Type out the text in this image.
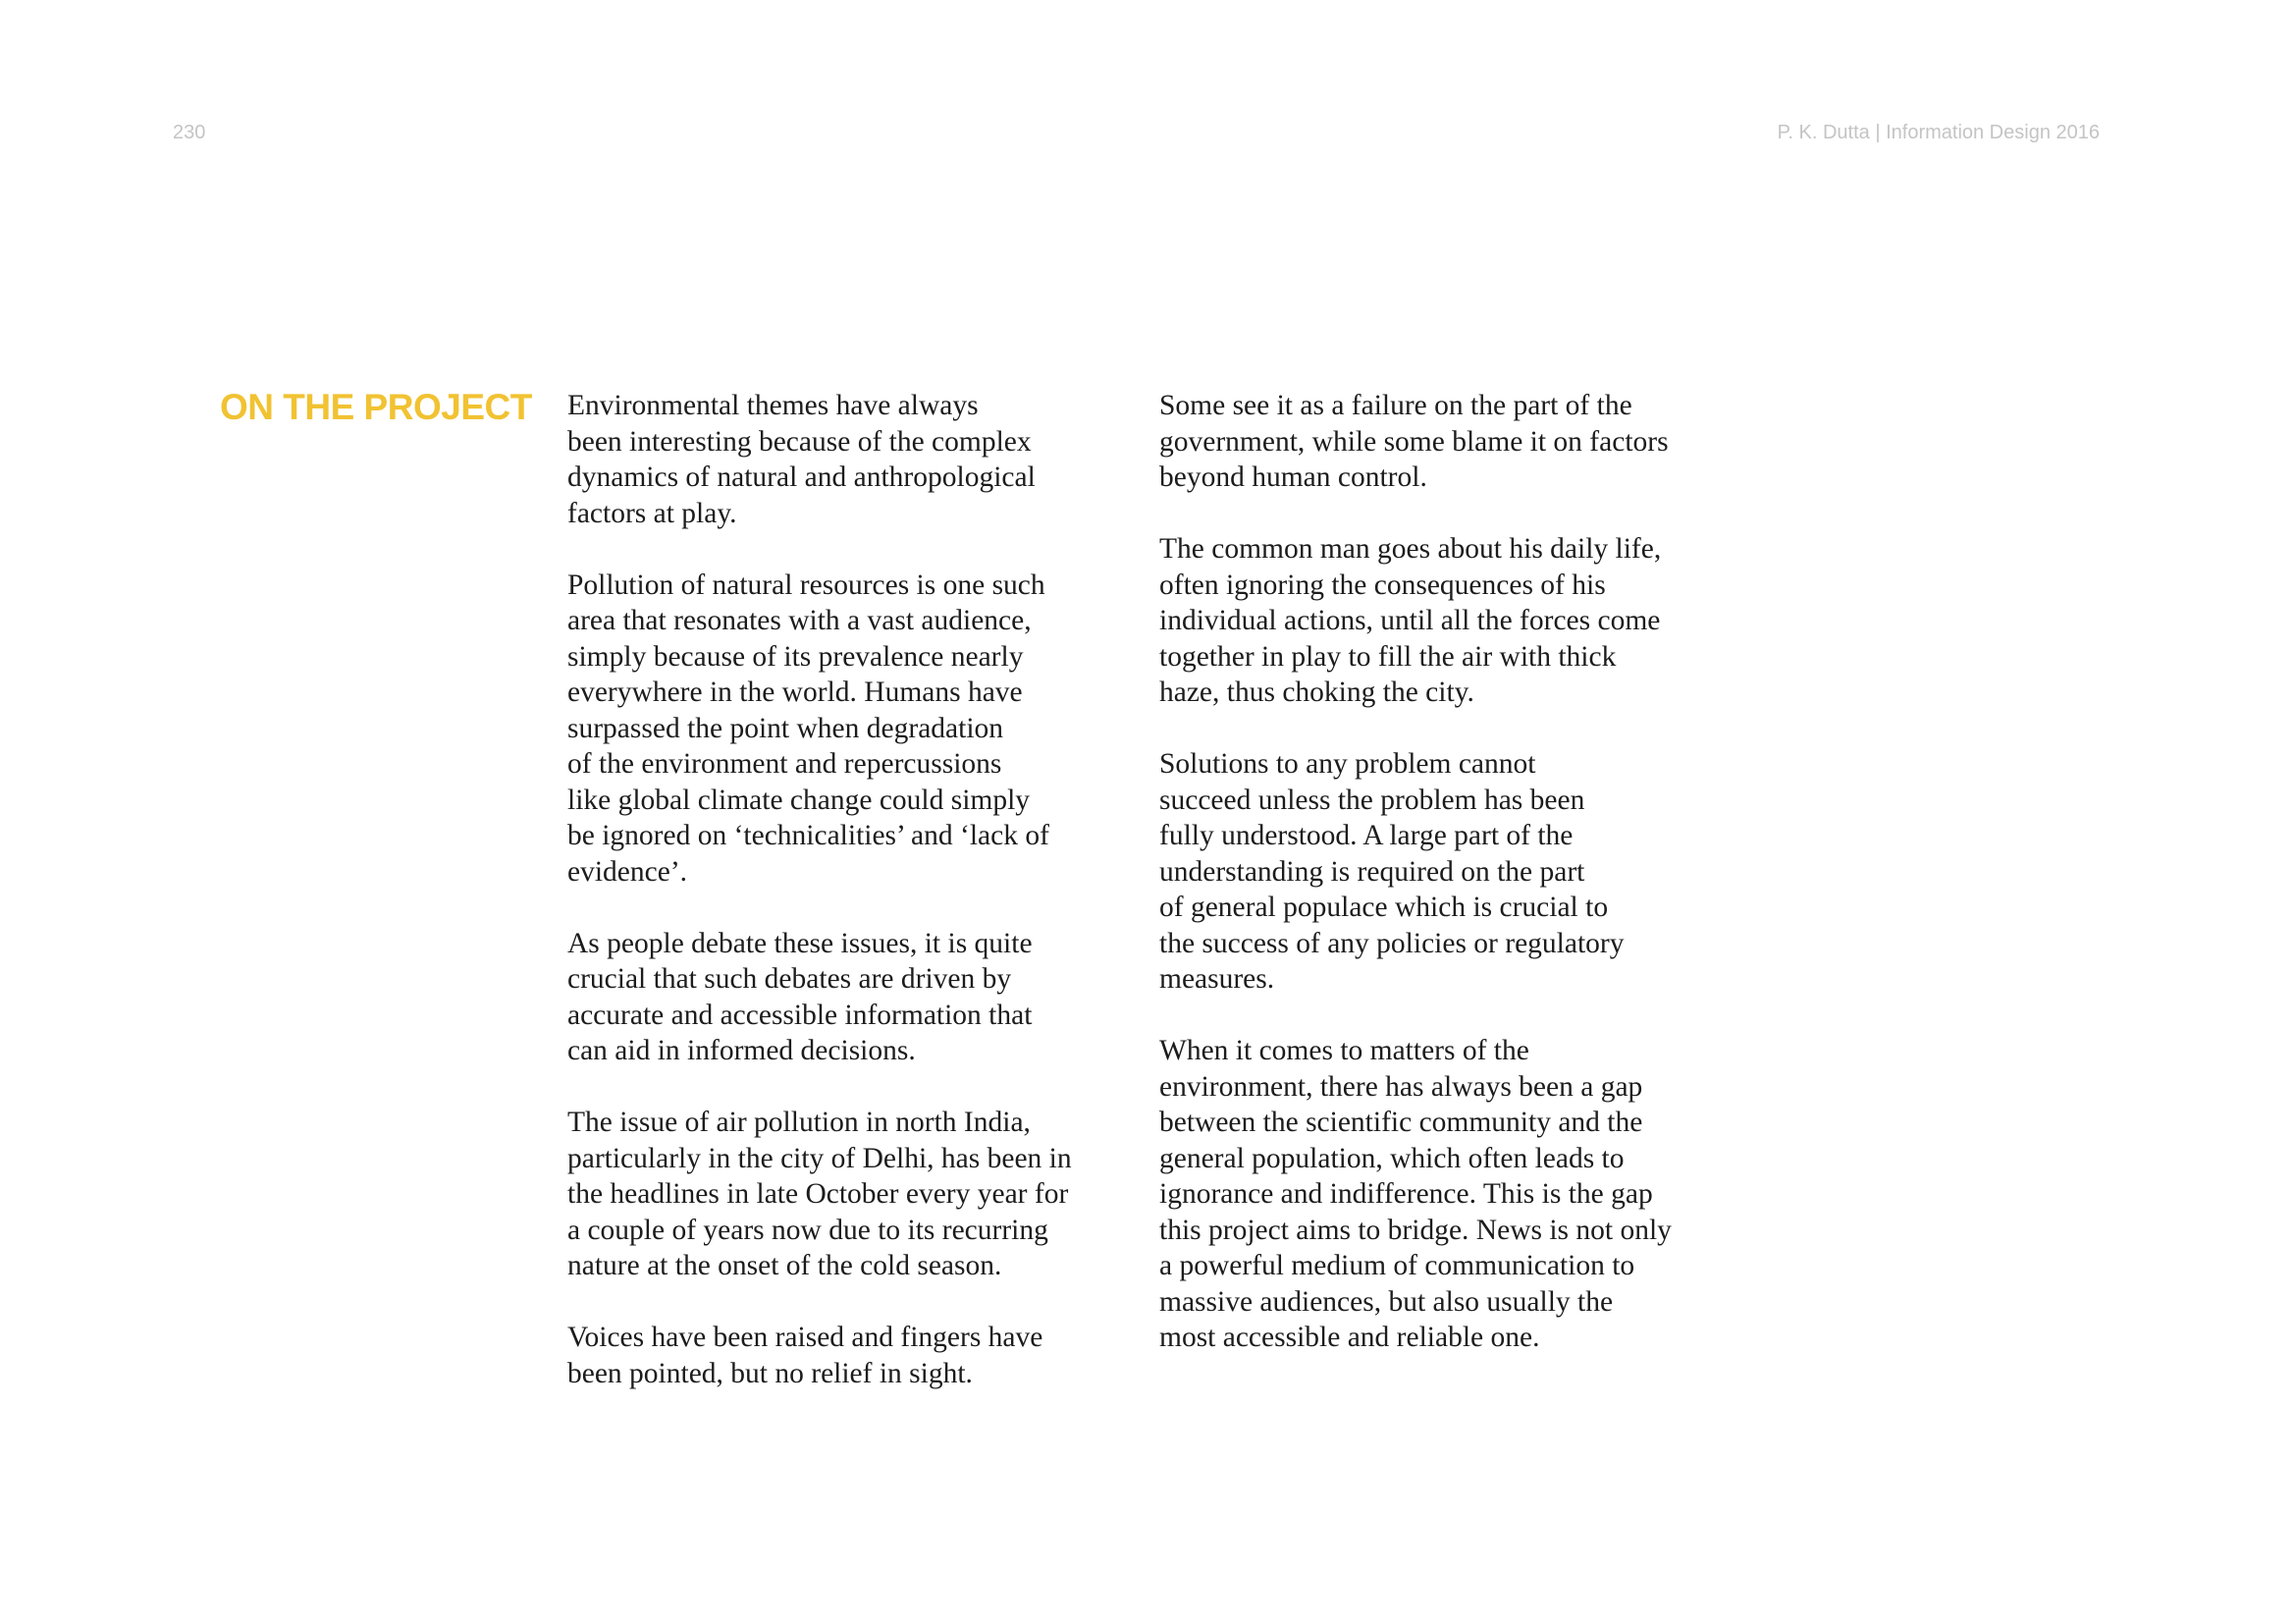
230	P. K. Dutta | Information Design 2016
ON THE PROJECT Environmental themes have always
been interesting because of the complex
dynamics of natural and anthropological
factors at play.

Pollution of natural resources is one such
area that resonates with a vast audience,
simply because of its prevalence nearly
everywhere in the world. Humans have
surpassed the point when degradation
of the environment and repercussions
like global climate change could simply
be ignored on ‘technicalities’ and ‘lack of
evidence’.

As people debate these issues, it is quite
crucial that such debates are driven by
accurate and accessible information that
can aid in informed decisions.

The issue of air pollution in north India,
particularly in the city of Delhi, has been in
the headlines in late October every year for
a couple of years now due to its recurring
nature at the onset of the cold season.

Voices have been raised and fingers have
been pointed, but no relief in sight.

Some see it as a failure on the part of the
government, while some blame it on factors
beyond human control.

The common man goes about his daily life,
often ignoring the consequences of his
individual actions, until all the forces come
together in play to fill the air with thick
haze, thus choking the city.

Solutions to any problem cannot
succeed unless the problem has been
fully understood. A large part of the
understanding is required on the part
of general populace which is crucial to
the success of any policies or regulatory
measures.

When it comes to matters of the
environment, there has always been a gap
between the scientific community and the
general population, which often leads to
ignorance and indifference. This is the gap
this project aims to bridge. News is not only
a powerful medium of communication to
massive audiences, but also usually the
most accessible and reliable one.
